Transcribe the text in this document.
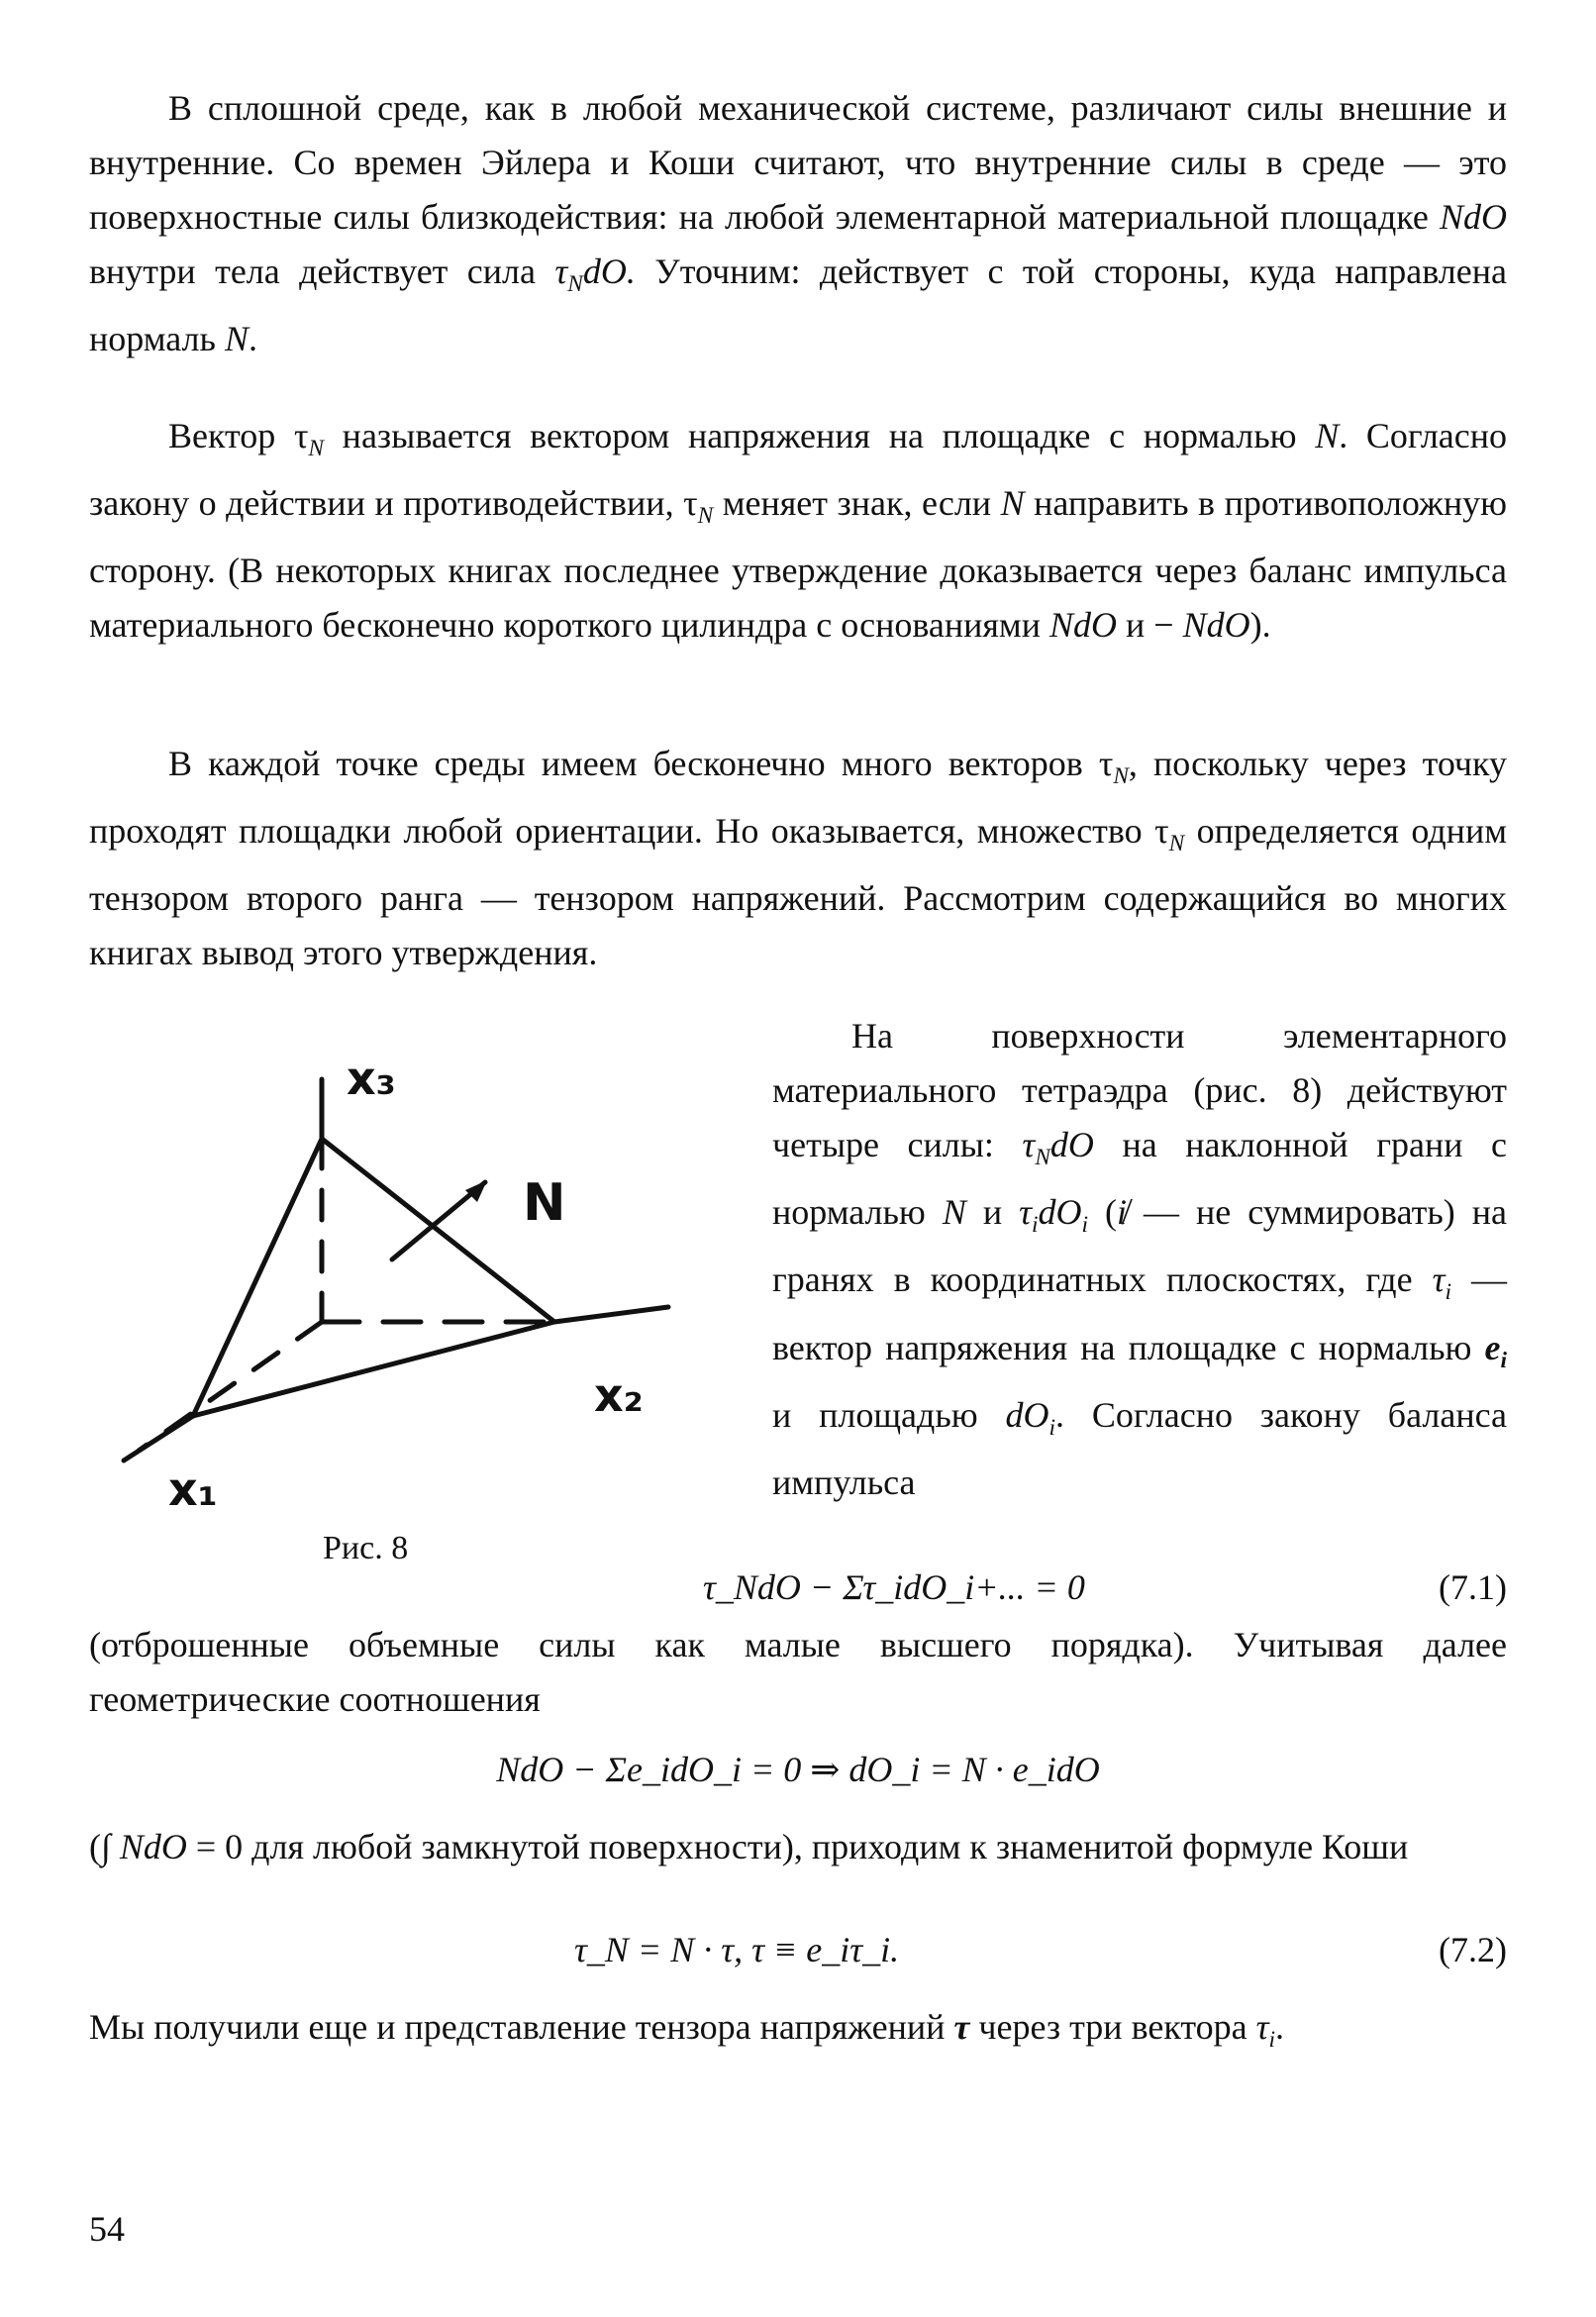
В сплошной среде, как в любой механической системе, различают силы внешние и внутренние. Со времен Эйлера и Коши считают, что внутренние силы в среде — это поверхностные силы близкодействия: на любой элементарной материальной площадке NdO внутри тела действует сила $\tau_NdO$. Уточним: действует с той стороны, куда направлена нормаль N.

Вектор $\tau_N$ называется вектором напряжения на площадке с нормалью N. Согласно закону о действии и противодействии, $\tau_N$ меняет знак, если N направить в противоположную сторону. (В некоторых книгах последнее утверждение доказывается через баланс импульса материального бесконечно короткого цилиндра с основаниями NdO и − NdO).

В каждой точке среды имеем бесконечно много векторов $\tau_N$, поскольку через точку проходят площадки любой ориентации. Но оказывается, множество $\tau_N$ определяется одним тензором второго ранга — тензором напряжений. Рассмотрим содержащийся во многих книгах вывод этого утверждения.

x₃
N
x₂
x₁
Рис. 8

На поверхности элементарного материального тетраэдра (рис. 8) действуют четыре силы: $\tau_NdO$ на наклонной грани с нормалью N и $\tau_idO_i$ (i̸ — не суммировать) на гранях в координатных плоскостях, где $\tau_i$ — вектор напряжения на площадке с нормалью $e_i$ и площадью $dO_i$. Согласно закону баланса импульса

τ_NdO − Στ_idO_i+... = 0	(7.1)

(отброшенные объемные силы как малые высшего порядка). Учитывая далее геометрические соотношения

NdO − Σe_idO_i = 0 ⇒ dO_i = N · e_idO

(∫ NdO = 0 для любой замкнутой поверхности), приходим к знаменитой формуле Коши

τ_N = N · τ, τ ≡ e_iτ_i.	(7.2)

Мы получили еще и представление тензора напряжений τ через три вектора $\tau_i$.

54
